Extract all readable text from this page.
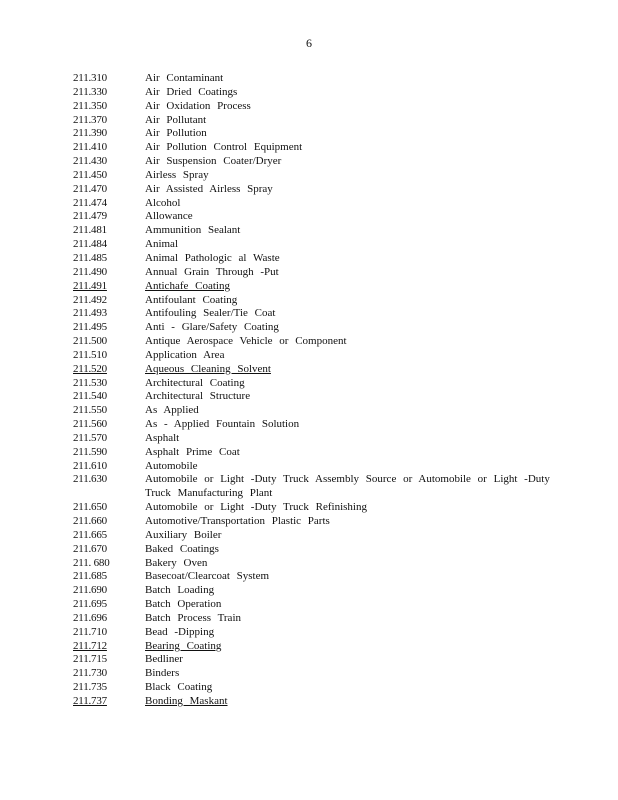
6
211.310	Air Contaminant
211.330	Air Dried Coatings
211.350	Air Oxidation Process
211.370	Air Pollutant
211.390	Air Pollution
211.410	Air Pollution Control Equipment
211.430	Air Suspension Coater/Dryer
211.450	Airless Spray
211.470	Air Assisted Airless Spray
211.474	Alcohol
211.479	Allowance
211.481	Ammunition Sealant
211.484	Animal
211.485	Animal Pathologic al Waste
211.490	Annual Grain Through -Put
211.491	Antichafe Coating
211.492	Antifoulant Coating
211.493	Antifouling Sealer/Tie Coat
211.495	Anti - Glare/Safety Coating
211.500	Antique Aerospace Vehicle or Component
211.510	Application Area
211.520	Aqueous Cleaning Solvent
211.530	Architectural Coating
211.540	Architectural Structure
211.550	As Applied
211.560	As - Applied Fountain Solution
211.570	Asphalt
211.590	Asphalt Prime Coat
211.610	Automobile
211.630	Automobile or Light -Duty Truck Assembly Source or Automobile or Light -Duty Truck Manufacturing Plant
211.650	Automobile or Light -Duty Truck Refinishing
211.660	Automotive/Transportation Plastic Parts
211.665	Auxiliary Boiler
211.670	Baked Coatings
211. 680	Bakery Oven
211.685	Basecoat/Clearcoat System
211.690	Batch Loading
211.695	Batch Operation
211.696	Batch Process Train
211.710	Bead -Dipping
211.712	Bearing Coating
211.715	Bedliner
211.730	Binders
211.735	Black Coating
211.737	Bonding Maskant
